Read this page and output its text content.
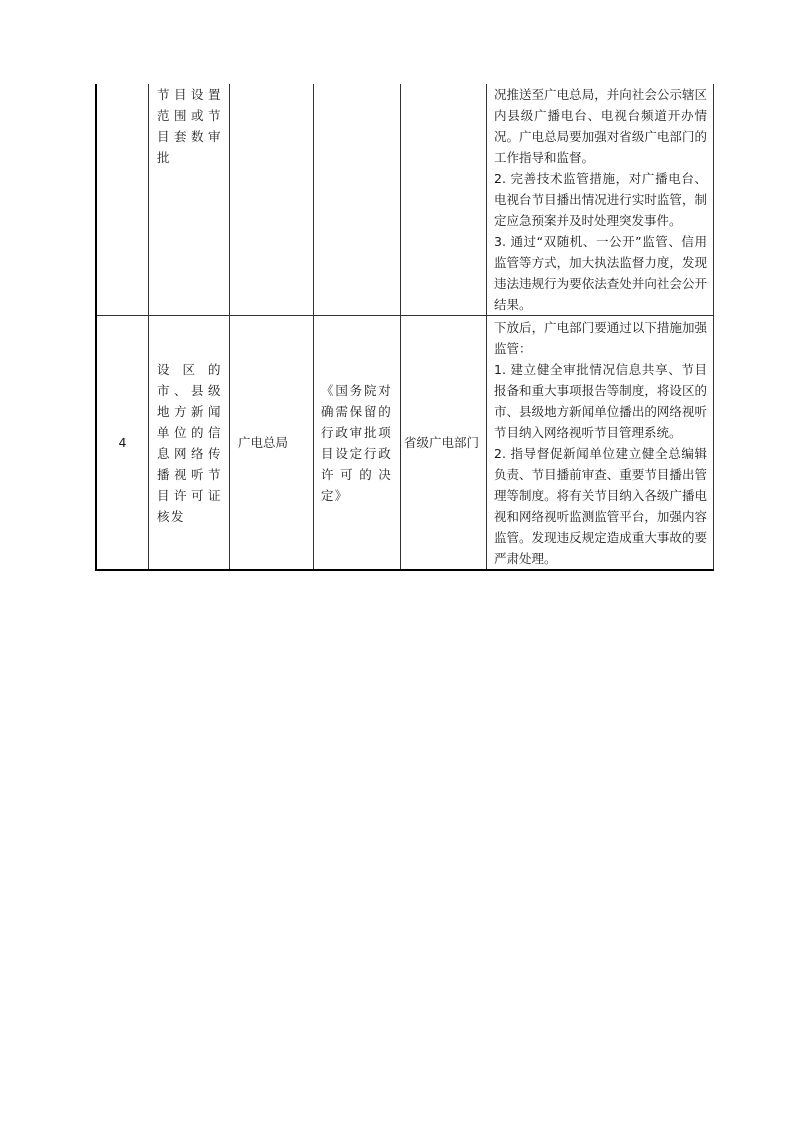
	节目设置范围或节目套数审批				况推送至广电总局，并向社会公示辖区内县级广播电台、电视台频道开办情况。广电总局要加强对省级广电部门的工作指导和监督。

2. 完善技术监管措施，对广播电台、电视台节目播出情况进行实时监管，制定应急预案并及时处理突发事件。

3. 通过“双随机、一公开”监管、信用监管等方式，加大执法监督力度，发现违法违规行为要依法查处并向社会公开结果。

4	设区的市、县级地方新闻单位的信息网络传播视听节目许可证核发	广电总局	《国务院对确需保留的行政审批项目设定行政许可的决定》	省级广电部门	下放后，广电部门要通过以下措施加强监管：

1. 建立健全审批情况信息共享、节目报备和重大事项报告等制度，将设区的市、县级地方新闻单位播出的网络视听节目纳入网络视听节目管理系统。

2. 指导督促新闻单位建立健全总编辑负责、节目播前审查、重要节目播出管理等制度。将有关节目纳入各级广播电视和网络视听监测监管平台，加强内容监管。发现违反规定造成重大事故的要严肃处理。
